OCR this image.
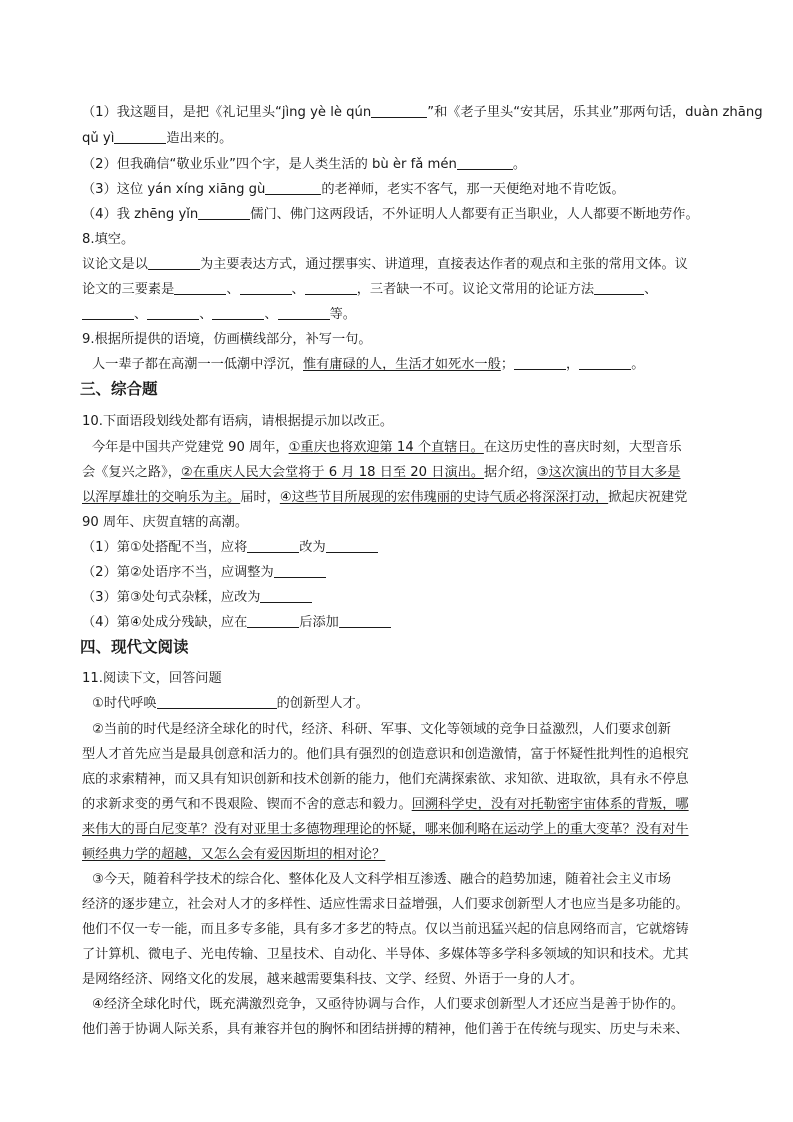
（1）我这题目，是把《礼记里头“jìng yè lè qún	”和《老子里头“安其居，乐其业”那两句话，duàn zhāng
qǔ yì	造出来的。
（2）但我确信“敬业乐业”四个字，是人类生活的 bù èr fǎ mén	。
（3）这位 yán xíng xiāng gù	的老禅师，老实不客气，那一天便绝对地不肯吃饭。
（4）我 zhēng yǐn	儒门、佛门这两段话，不外证明人人都要有正当职业，人人都要不断地劳作。
8.填空。
议论文是以	为主要表达方式，通过摆事实、讲道理，直接表达作者的观点和主张的常用文体。议
论文的三要素是	、	、	，三者缺一不可。议论文常用的论证方法	、
、	、	、	等。
9.根据所提供的语境，仿画横线部分，补写一句。
人一辈子都在高潮一一低潮中浮沉，惟有庸碌的人，生活才如死水一般；	，	。
三、综合题
10.下面语段划线处都有语病，请根据提示加以改正。
今年是中国共产党建党 90 周年，①重庆也将欢迎第 14 个直辖日。在这历史性的喜庆时刻，大型音乐
会《复兴之路》，②在重庆人民大会堂将于 6 月 18 日至 20 日演出。据介绍，③这次演出的节目大多是
以浑厚雄壮的交响乐为主。届时，④这些节目所展现的宏伟瑰丽的史诗气质必将深深打动，掀起庆祝建党
90 周年、庆贺直辖的高潮。
（1）第①处搭配不当，应将	改为
（2）第②处语序不当，应调整为
（3）第③处句式杂糅，应改为
（4）第④处成分残缺，应在	后添加
四、现代文阅读
11.阅读下文，回答问题
①时代呼唤	的创新型人才。
②当前的时代是经济全球化的时代，经济、科研、军事、文化等领域的竞争日益激烈，人们要求创新
型人才首先应当是最具创意和活力的。他们具有强烈的创造意识和创造激情，富于怀疑性批判性的追根究
底的求索精神，而又具有知识创新和技术创新的能力，他们充满探索欲、求知欲、进取欲，具有永不停息
的求新求变的勇气和不畏艰险、锲而不舍的意志和毅力。回溯科学史，没有对托勒密宇宙体系的背叛，哪
来伟大的哥白尼变革？没有对亚里士多德物理理论的怀疑，哪来伽利略在运动学上的重大变革？没有对牛
顿经典力学的超越，又怎么会有爱因斯坦的相对论？
③今天，随着科学技术的综合化、整体化及人文科学相互渗透、融合的趋势加速，随着社会主义市场
经济的逐步建立，社会对人才的多样性、适应性需求日益增强，人们要求创新型人才也应当是多功能的。
他们不仅一专一能，而且多专多能，具有多才多艺的特点。仅以当前迅猛兴起的信息网络而言，它就熔铸
了计算机、微电子、光电传输、卫星技术、自动化、半导体、多媒体等多学科多领域的知识和技术。尤其
是网络经济、网络文化的发展，越来越需要集科技、文学、经贸、外语于一身的人才。
④经济全球化时代，既充满激烈竞争，又亟待协调与合作，人们要求创新型人才还应当是善于协作的。
他们善于协调人际关系，具有兼容并包的胸怀和团结拼搏的精神，他们善于在传统与现实、历史与未来、
